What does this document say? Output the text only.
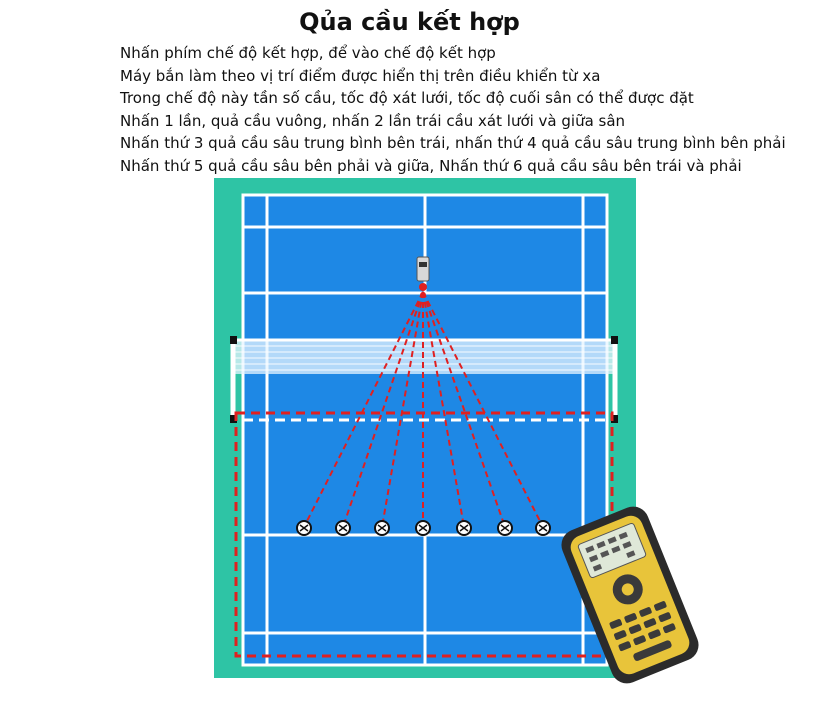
Qủa cầu kết hợp
Nhấn phím chế độ kết hợp, để vào chế độ kết hợp
Máy bắn làm theo vị trí điểm được hiển thị trên điều khiển từ xa
Trong chế độ này tần số cầu, tốc độ xát lưới, tốc độ cuối sân có thể được đặt
Nhấn 1 lần, quả cầu vuông, nhấn 2 lần trái cầu xát lưới và giữa sân
Nhấn thứ 3 quả cầu sâu trung bình bên trái, nhấn thứ 4 quả cầu sâu trung bình bên phải
Nhấn thứ 5 quả cầu sâu bên phải và giữa, Nhấn thứ 6 quả cầu sâu bên trái và phải
